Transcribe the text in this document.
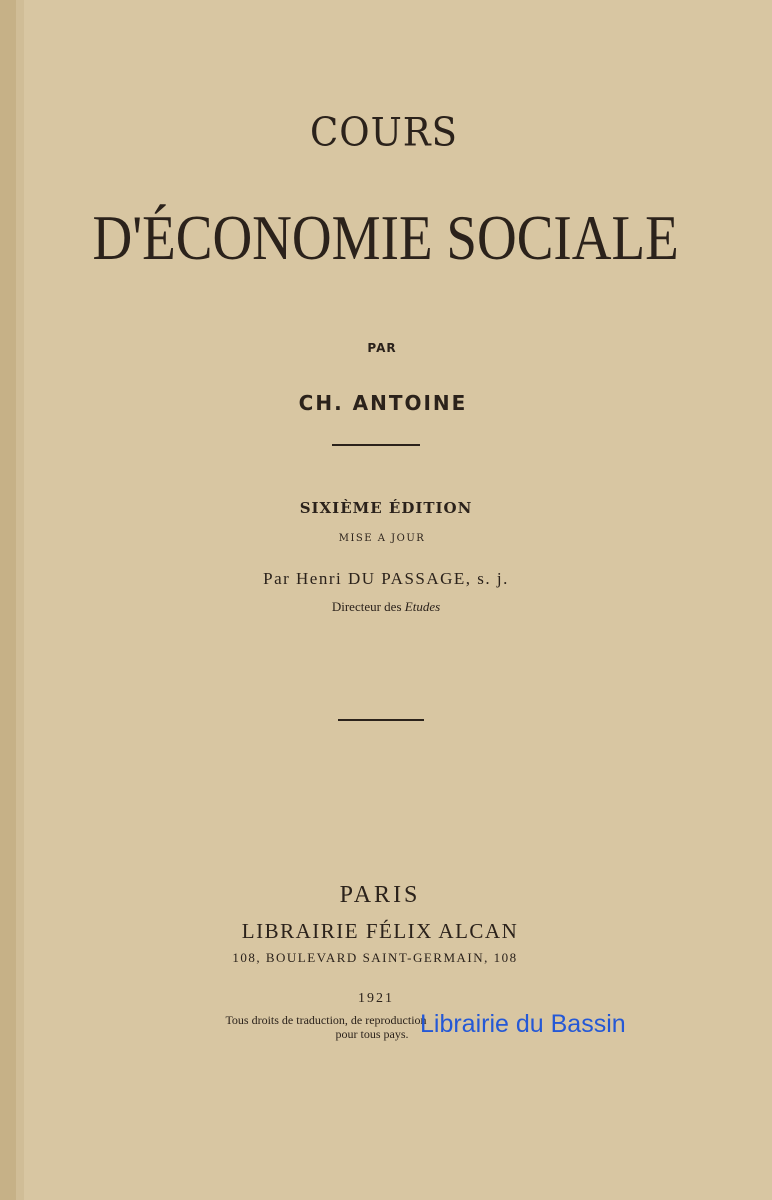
COURS

D'ÉCONOMIE SOCIALE

PAR

CH. ANTOINE

SIXIÈME ÉDITION

MISE A JOUR

Par Henri DU PASSAGE, s. j.

Directeur des Etudes

PARIS

LIBRAIRIE FÉLIX ALCAN

108, BOULEVARD SAINT-GERMAIN, 108

1921

Tous droits de traduction, de reproduction

pour tous pays. Librairie du Bassin
